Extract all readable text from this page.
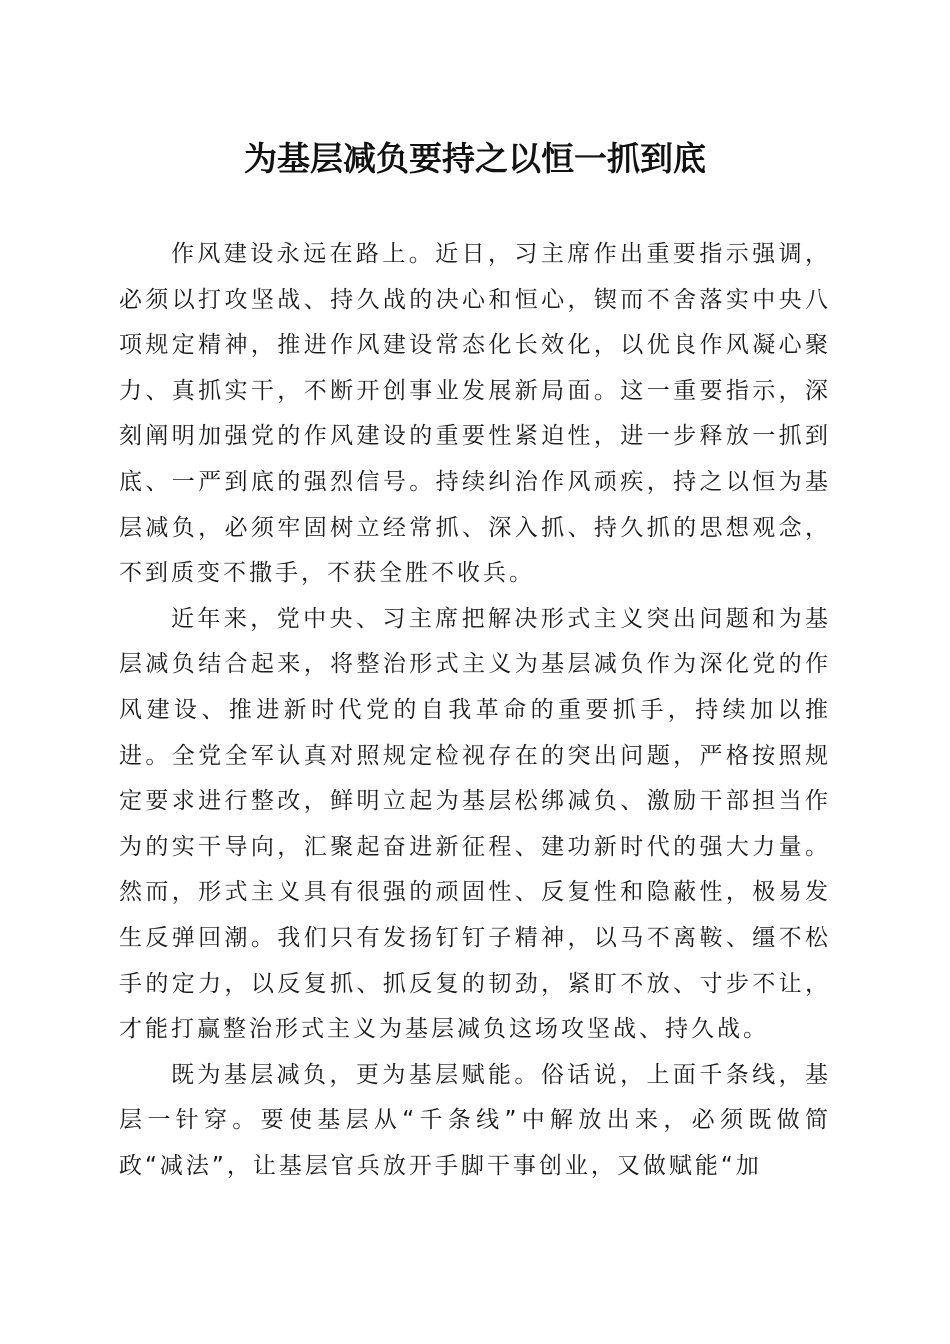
为基层减负要持之以恒一抓到底

作风建设永远在路上。近日，习主席作出重要指示强调，必须以打攻坚战、持久战的决心和恒心，锲而不舍落实中央八项规定精神，推进作风建设常态化长效化，以优良作风凝心聚力、真抓实干，不断开创事业发展新局面。这一重要指示，深刻阐明加强党的作风建设的重要性紧迫性，进一步释放一抓到底、一严到底的强烈信号。持续纠治作风顽疾，持之以恒为基层减负，必须牢固树立经常抓、深入抓、持久抓的思想观念，不到质变不撒手，不获全胜不收兵。

近年来，党中央、习主席把解决形式主义突出问题和为基层减负结合起来，将整治形式主义为基层减负作为深化党的作风建设、推进新时代党的自我革命的重要抓手，持续加以推进。全党全军认真对照规定检视存在的突出问题，严格按照规定要求进行整改，鲜明立起为基层松绑减负、激励干部担当作为的实干导向，汇聚起奋进新征程、建功新时代的强大力量。然而，形式主义具有很强的顽固性、反复性和隐蔽性，极易发生反弹回潮。我们只有发扬钉钉子精神，以马不离鞍、缰不松手的定力，以反复抓、抓反复的韧劲，紧盯不放、寸步不让，才能打赢整治形式主义为基层减负这场攻坚战、持久战。

既为基层减负，更为基层赋能。俗话说，上面千条线，基层一针穿。要使基层从“千条线”中解放出来，必须既做简政“减法”，让基层官兵放开手脚干事创业，又做赋能“加
